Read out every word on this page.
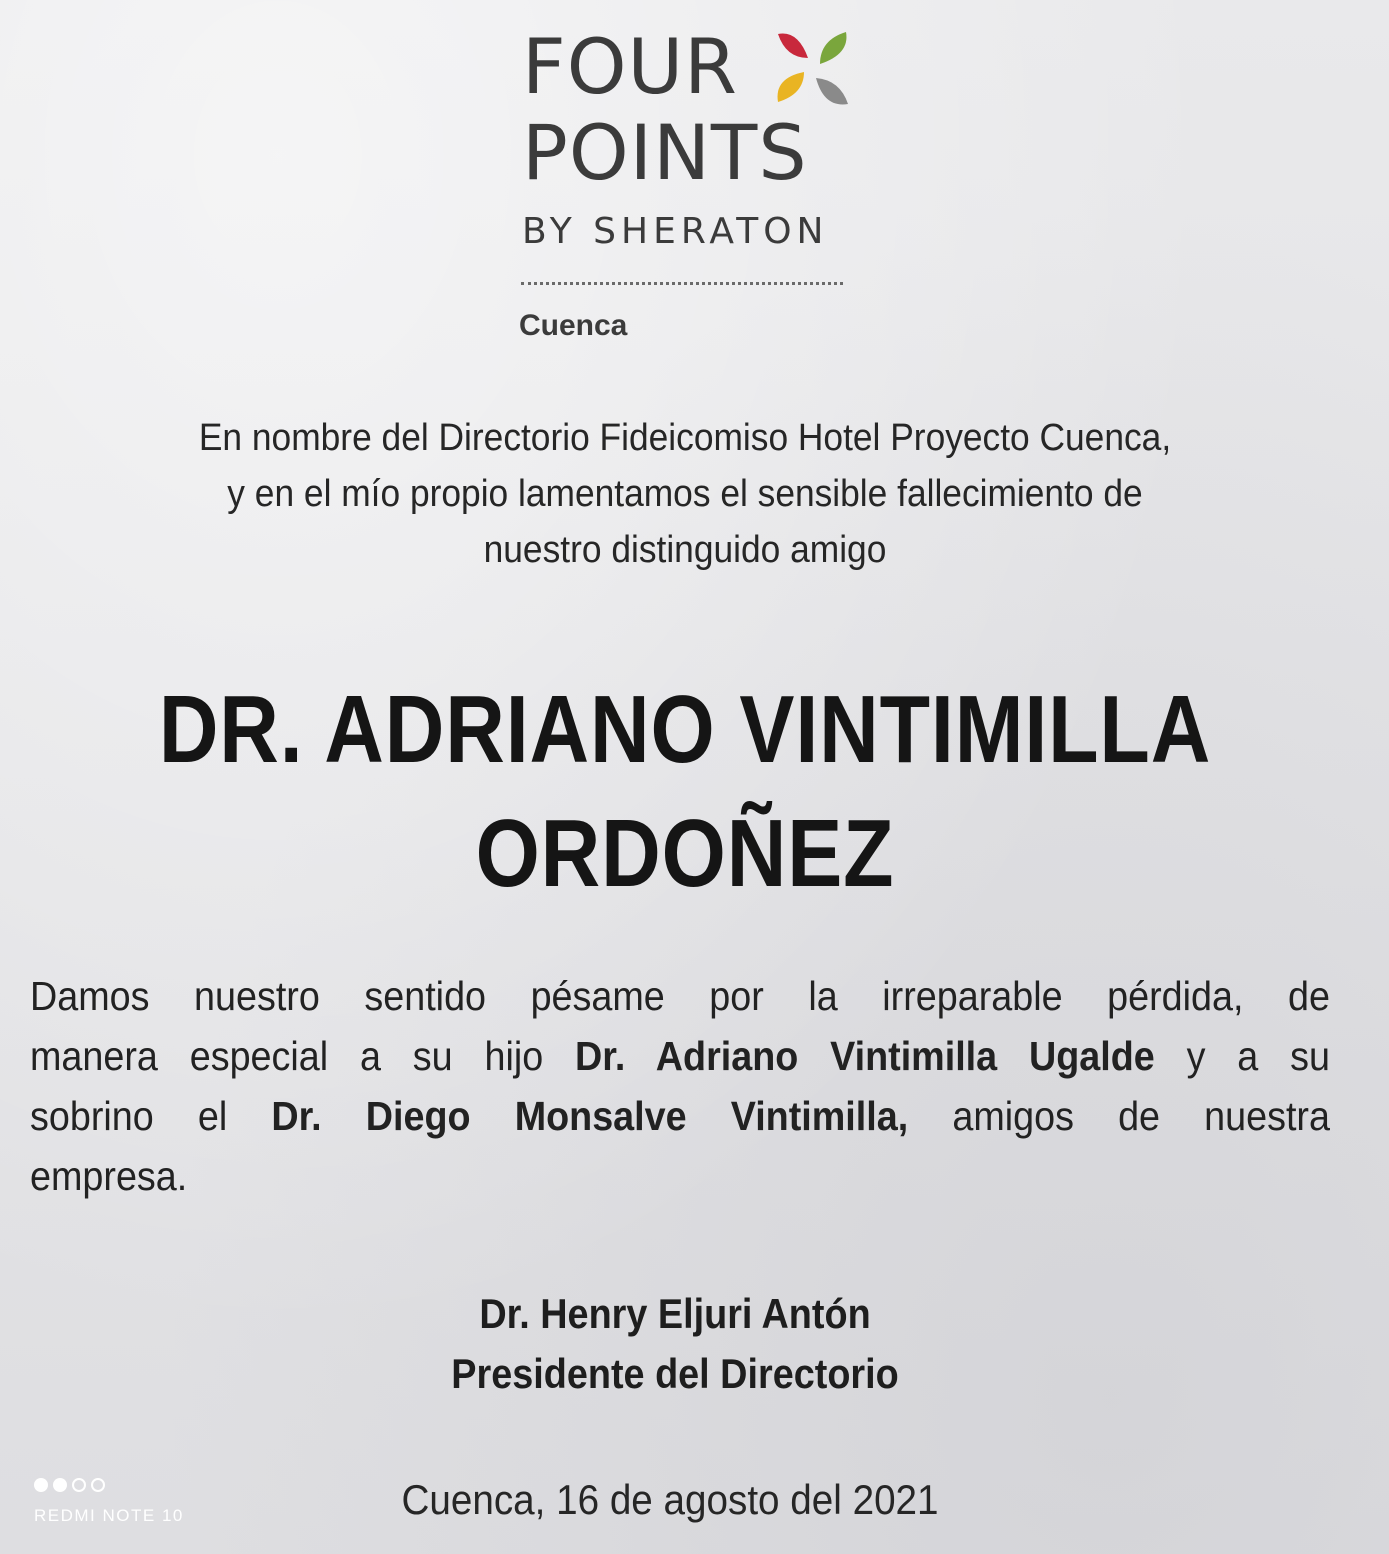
FOUR
POINTS
BY SHERATON
Cuenca
En nombre del Directorio Fideicomiso Hotel Proyecto Cuenca,
y en el mío propio lamentamos el sensible fallecimiento de
nuestro distinguido amigo
DR. ADRIANO VINTIMILLA
ORDOÑEZ
Damos nuestro sentido pésame por la irreparable pérdida, de
manera especial a su hijo Dr. Adriano Vintimilla Ugalde y a su
sobrino el Dr. Diego Monsalve Vintimilla, amigos de nuestra
empresa.
Dr. Henry Eljuri Antón
Presidente del Directorio
Cuenca, 16 de agosto del 2021
REDMI NOTE 10
